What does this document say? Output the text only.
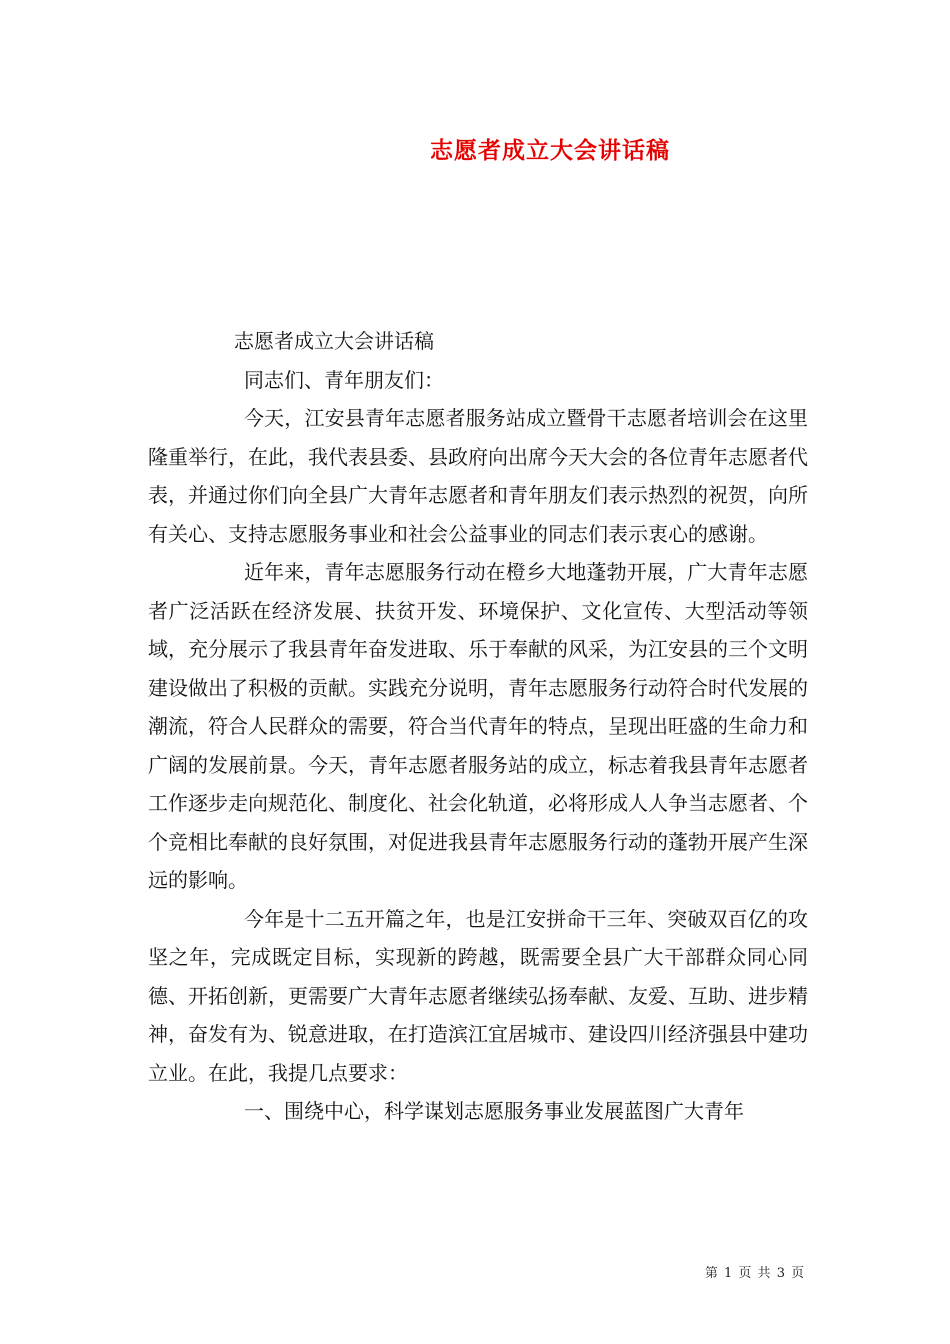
志愿者成立大会讲话稿

志愿者成立大会讲话稿

同志们、青年朋友们：

今天，江安县青年志愿者服务站成立暨骨干志愿者培训会在这里隆重举行，在此，我代表县委、县政府向出席今天大会的各位青年志愿者代表，并通过你们向全县广大青年志愿者和青年朋友们表示热烈的祝贺，向所有关心、支持志愿服务事业和社会公益事业的同志们表示衷心的感谢。

近年来，青年志愿服务行动在橙乡大地蓬勃开展，广大青年志愿者广泛活跃在经济发展、扶贫开发、环境保护、文化宣传、大型活动等领域，充分展示了我县青年奋发进取、乐于奉献的风采，为江安县的三个文明建设做出了积极的贡献。实践充分说明，青年志愿服务行动符合时代发展的潮流，符合人民群众的需要，符合当代青年的特点，呈现出旺盛的生命力和广阔的发展前景。今天，青年志愿者服务站的成立，标志着我县青年志愿者工作逐步走向规范化、制度化、社会化轨道，必将形成人人争当志愿者、个个竞相比奉献的良好氛围，对促进我县青年志愿服务行动的蓬勃开展产生深远的影响。

今年是十二五开篇之年，也是江安拼命干三年、突破双百亿的攻坚之年，完成既定目标，实现新的跨越，既需要全县广大干部群众同心同德、开拓创新，更需要广大青年志愿者继续弘扬奉献、友爱、互助、进步精神，奋发有为、锐意进取，在打造滨江宜居城市、建设四川经济强县中建功立业。在此，我提几点要求：

一、围绕中心，科学谋划志愿服务事业发展蓝图广大青年

第 1 页 共 3 页
